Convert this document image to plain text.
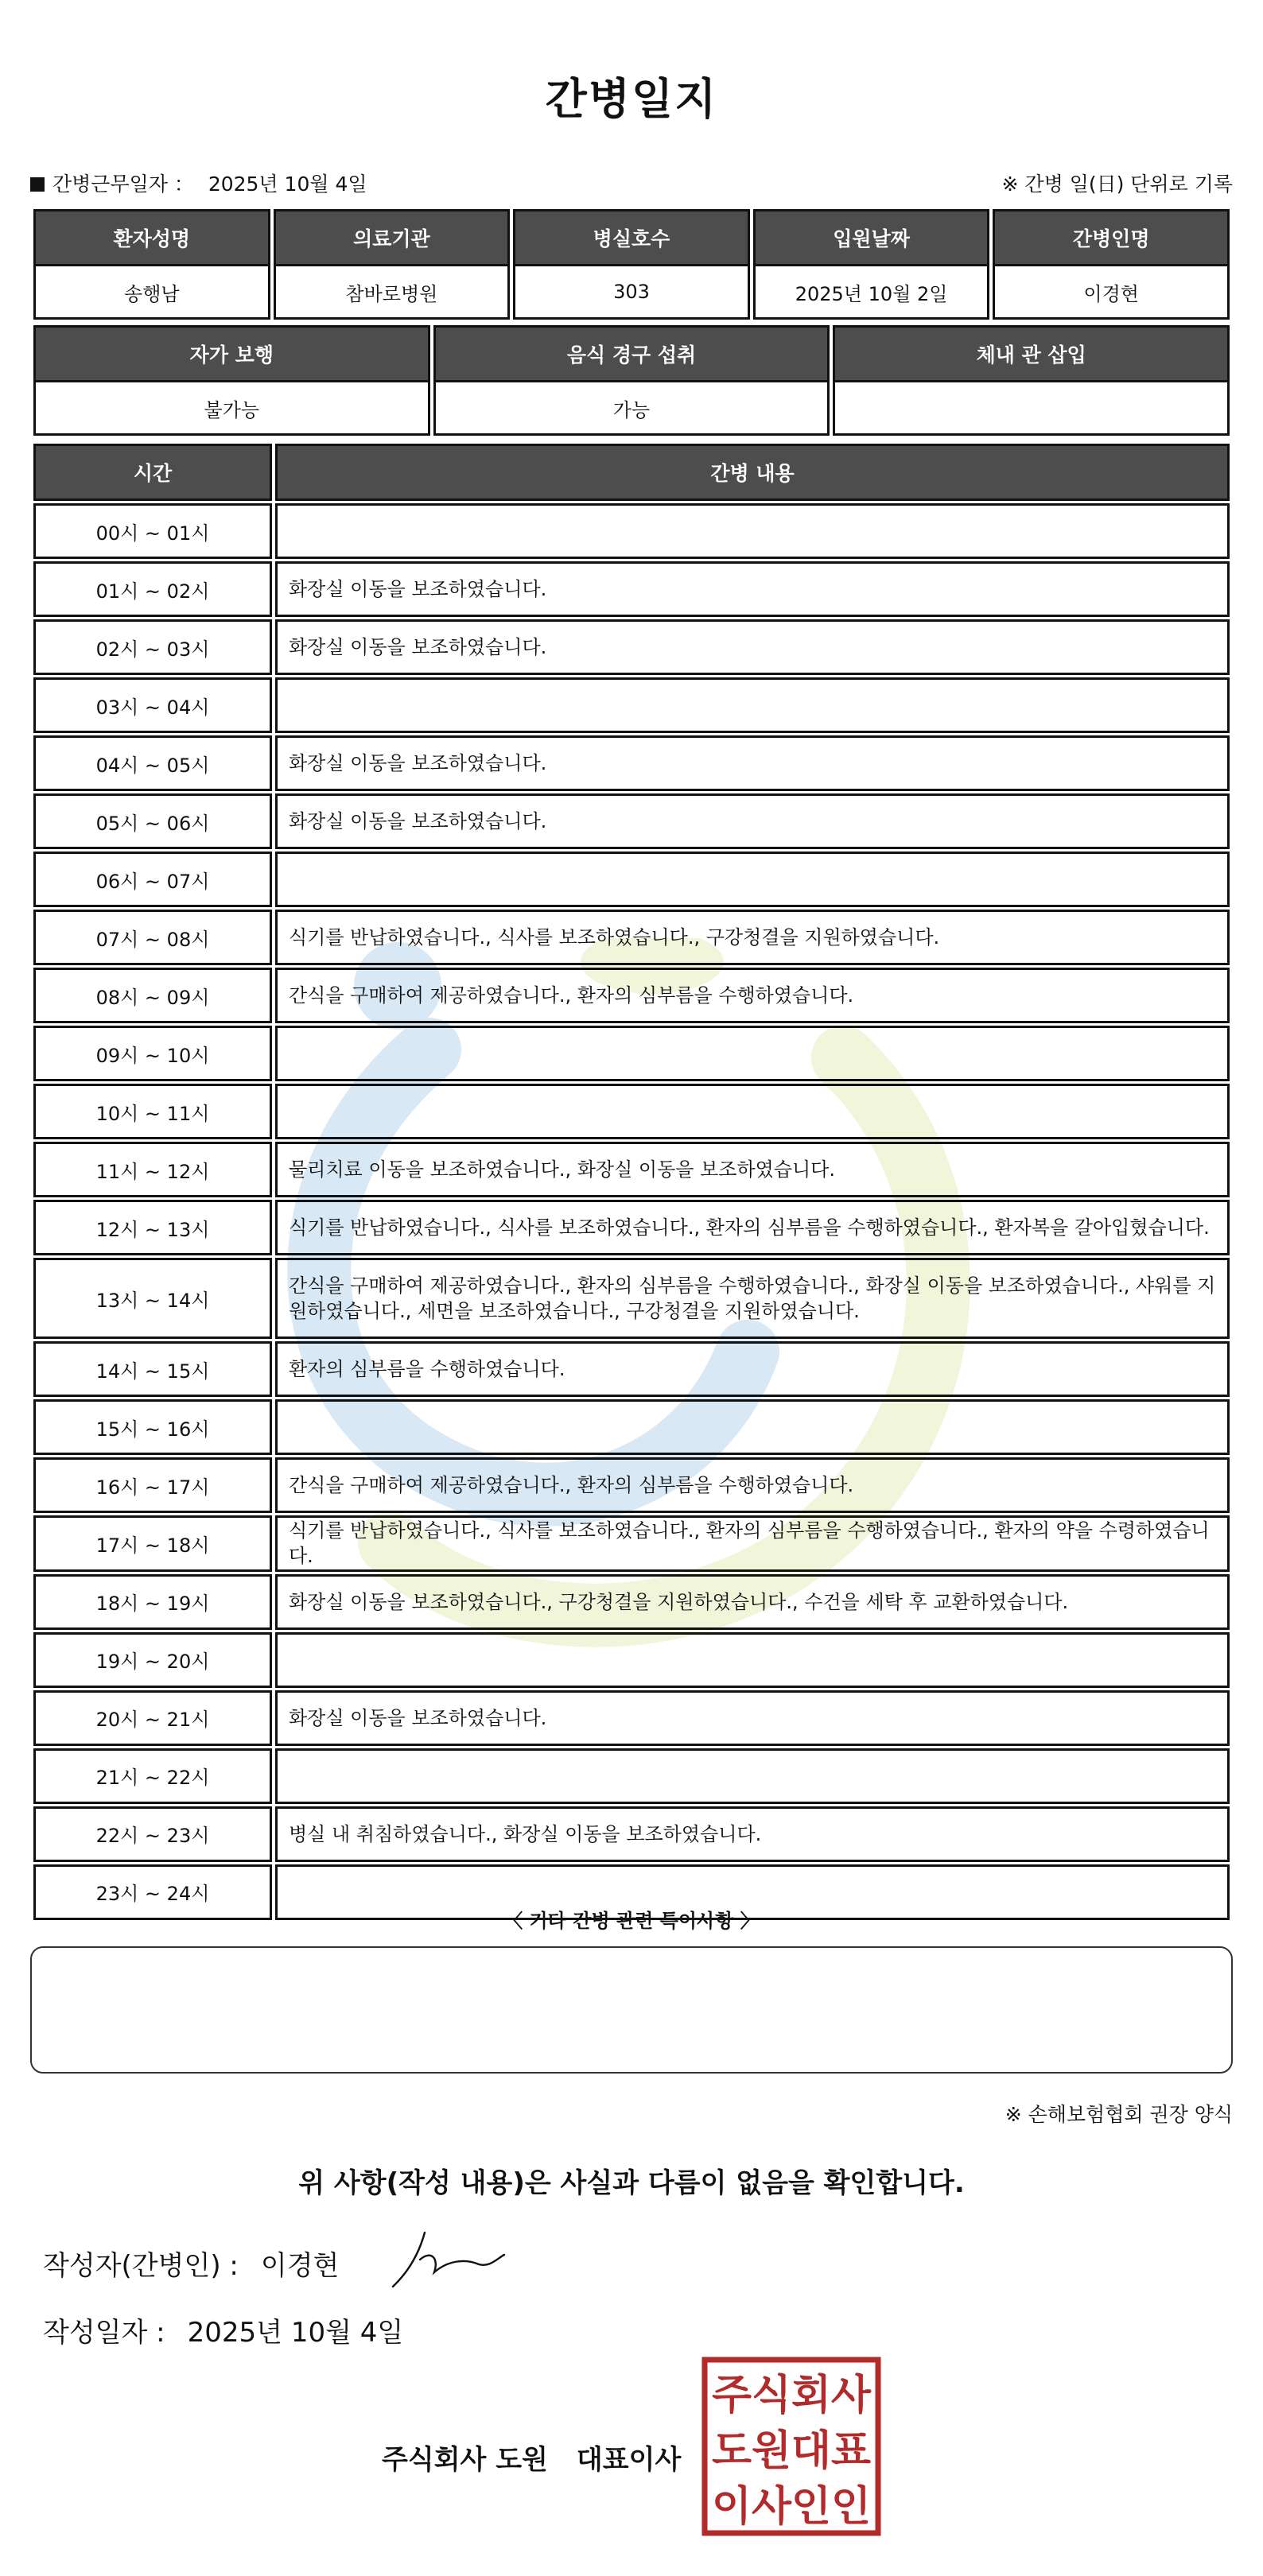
간병일지
간병근무일자 ： 2025년 10월 4일	※ 간병 일(日) 단위로 기록
환자성명	의료기관	병실호수	입원날짜	간병인명
송행남	참바로병원	303	2025년 10월 2일	이경현
자가 보행	음식 경구 섭취	체내 관 삽입
불가능	가능	
시간	간병 내용
00시 ~ 01시	
01시 ~ 02시	화장실 이동을 보조하였습니다.
02시 ~ 03시	화장실 이동을 보조하였습니다.
03시 ~ 04시	
04시 ~ 05시	화장실 이동을 보조하였습니다.
05시 ~ 06시	화장실 이동을 보조하였습니다.
06시 ~ 07시	
07시 ~ 08시	식기를 반납하였습니다., 식사를 보조하였습니다., 구강청결을 지원하였습니다.
08시 ~ 09시	간식을 구매하여 제공하였습니다., 환자의 심부름을 수행하였습니다.
09시 ~ 10시	
10시 ~ 11시	
11시 ~ 12시	물리치료 이동을 보조하였습니다., 화장실 이동을 보조하였습니다.
12시 ~ 13시	식기를 반납하였습니다., 식사를 보조하였습니다., 환자의 심부름을 수행하였습니다., 환자복을 갈아입혔습니다.
13시 ~ 14시	간식을 구매하여 제공하였습니다., 환자의 심부름을 수행하였습니다., 화장실 이동을 보조하였습니다., 샤워를 지원하였습니다., 세면을 보조하였습니다., 구강청결을 지원하였습니다.
14시 ~ 15시	환자의 심부름을 수행하였습니다.
15시 ~ 16시	
16시 ~ 17시	간식을 구매하여 제공하였습니다., 환자의 심부름을 수행하였습니다.
17시 ~ 18시	식기를 반납하였습니다., 식사를 보조하였습니다., 환자의 심부름을 수행하였습니다., 환자의 약을 수령하였습니다.
18시 ~ 19시	화장실 이동을 보조하였습니다., 구강청결을 지원하였습니다., 수건을 세탁 후 교환하였습니다.
19시 ~ 20시	
20시 ~ 21시	화장실 이동을 보조하였습니다.
21시 ~ 22시	
22시 ~ 23시	병실 내 취침하였습니다., 화장실 이동을 보조하였습니다.
23시 ~ 24시	
〈 기타 간병 관련 특이사항 〉
※ 손해보험협회 권장 양식
위 사항(작성 내용)은 사실과 다름이 없음을 확인합니다.
작성자(간병인) : 이경현
작성일자 : 2025년 10월 4일
주식회사 도원 대표이사
주식회사
도원대표
이사인인
